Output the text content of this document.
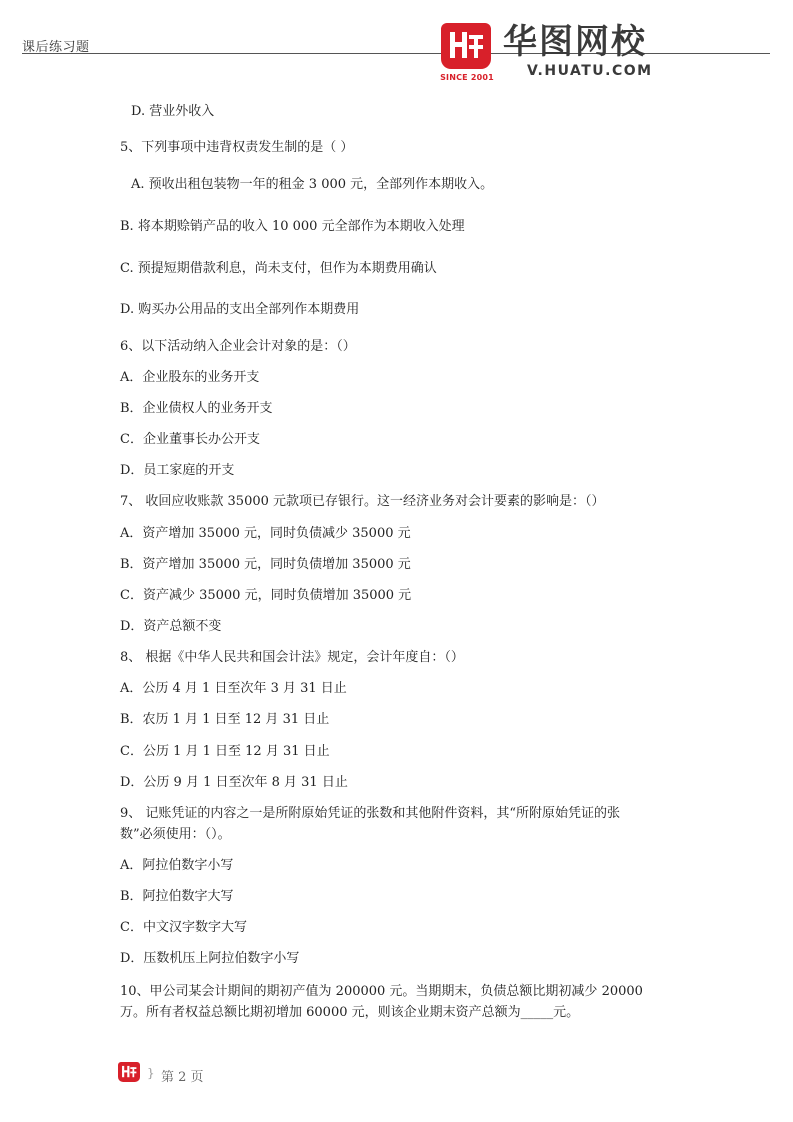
课后练习题
SINCE 2001
华图网校
V.HUATU.COM
D. 营业外收入
5、下列事项中违背权责发生制的是（ ）
A. 预收出租包装物一年的租金 3 000 元，全部列作本期收入。
B. 将本期赊销产品的收入 10 000 元全部作为本期收入处理
C. 预提短期借款利息，尚未支付，但作为本期费用确认
D. 购买办公用品的支出全部列作本期费用
6、以下活动纳入企业会计对象的是：（）
A．企业股东的业务开支
B．企业债权人的业务开支
C．企业董事长办公开支
D．员工家庭的开支
7、 收回应收账款 35000 元款项已存银行。这一经济业务对会计要素的影响是：（）
A．资产增加 35000 元，同时负债减少 35000 元
B．资产增加 35000 元，同时负债增加 35000 元
C．资产减少 35000 元，同时负债增加 35000 元
D．资产总额不变
8、 根据《中华人民共和国会计法》规定，会计年度自：（）
A．公历 4 月 1 日至次年 3 月 31 日止
B．农历 1 月 1 日至 12 月 31 日止
C．公历 1 月 1 日至 12 月 31 日止
D．公历 9 月 1 日至次年 8 月 31 日止
9、 记账凭证的内容之一是所附原始凭证的张数和其他附件资料，其“所附原始凭证的张数”必须使用：（）。
A．阿拉伯数字小写
B．阿拉伯数字大写
C．中文汉字数字大写
D．压数机压上阿拉伯数字小写
10、甲公司某会计期间的期初产值为 200000 元。当期期末，负债总额比期初减少 20000 万。所有者权益总额比期初增加 60000 元，则该企业期末资产总额为_____元。
} 第 2 页
